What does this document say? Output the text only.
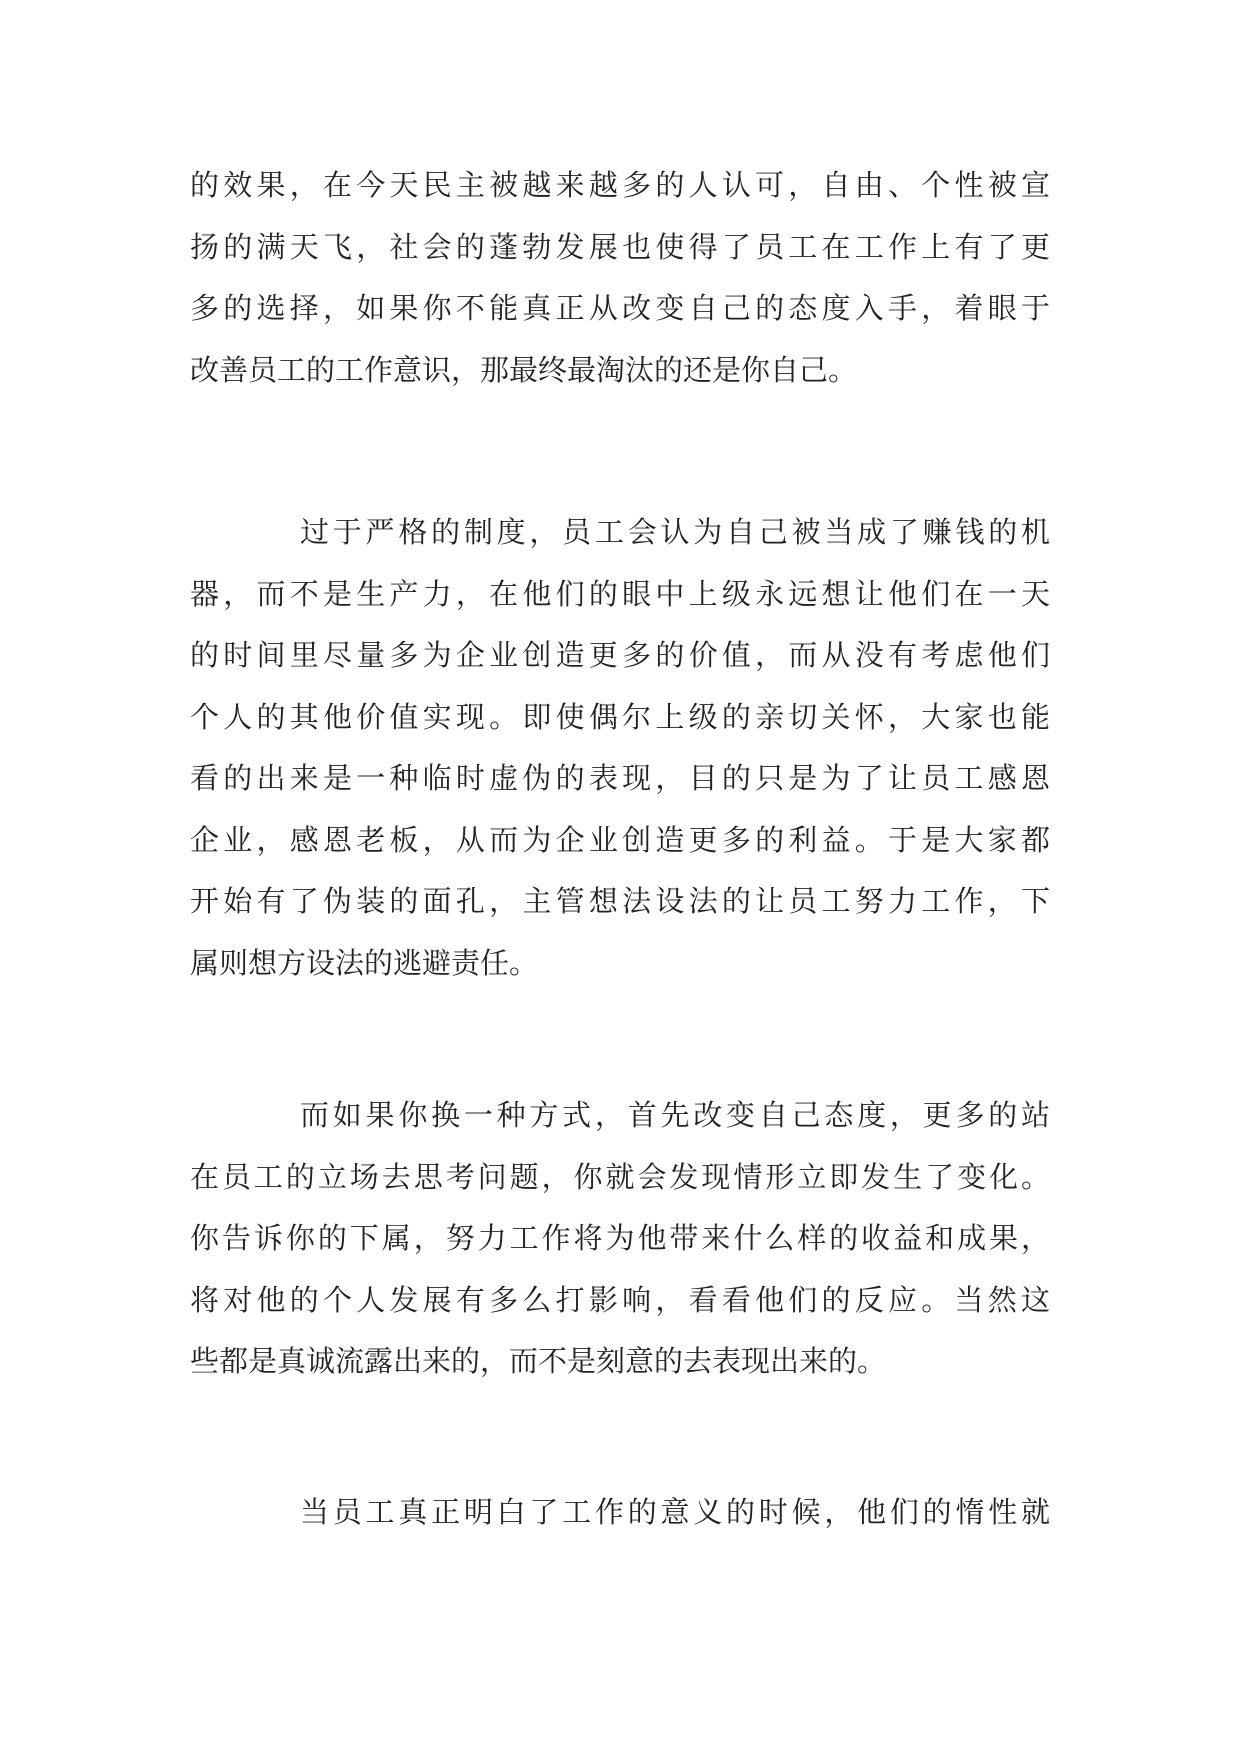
的效果，在今天民主被越来越多的人认可，自由、个性被宣
扬的满天飞，社会的蓬勃发展也使得了员工在工作上有了更
多的选择，如果你不能真正从改变自己的态度入手，着眼于
改善员工的工作意识，那最终最淘汰的还是你自己。
过于严格的制度，员工会认为自己被当成了赚钱的机
器，而不是生产力，在他们的眼中上级永远想让他们在一天
的时间里尽量多为企业创造更多的价值，而从没有考虑他们
个人的其他价值实现。即使偶尔上级的亲切关怀，大家也能
看的出来是一种临时虚伪的表现，目的只是为了让员工感恩
企业，感恩老板，从而为企业创造更多的利益。于是大家都
开始有了伪装的面孔，主管想法设法的让员工努力工作，下
属则想方设法的逃避责任。
而如果你换一种方式，首先改变自己态度，更多的站
在员工的立场去思考问题，你就会发现情形立即发生了变化。
你告诉你的下属，努力工作将为他带来什么样的收益和成果，
将对他的个人发展有多么打影响，看看他们的反应。当然这
些都是真诚流露出来的，而不是刻意的去表现出来的。
当员工真正明白了工作的意义的时候，他们的惰性就
